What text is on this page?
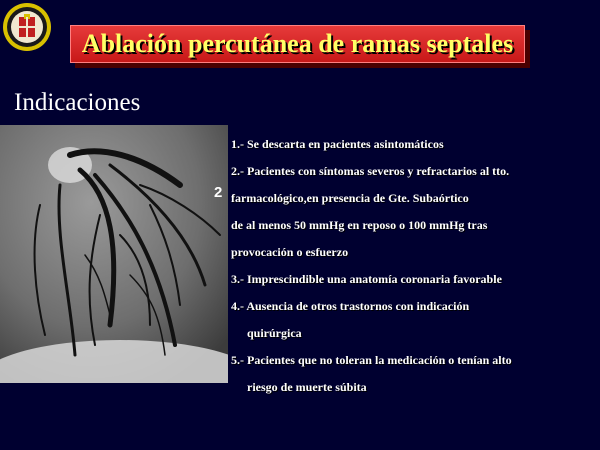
Ablación percutánea de ramas septales
Indicaciones
2
1.- Se descarta en pacientes asintomáticos
2.- Pacientes con síntomas severos y refractarios al tto.
farmacológico,en presencia de Gte. Subaórtico
de al menos 50 mmHg en reposo o 100 mmHg tras
provocación o esfuerzo
3.- Imprescindible una anatomía coronaria favorable
4.- Ausencia de otros trastornos con indicación
quirúrgica
5.- Pacientes que no toleran la medicación o tenían alto
riesgo de muerte súbita
